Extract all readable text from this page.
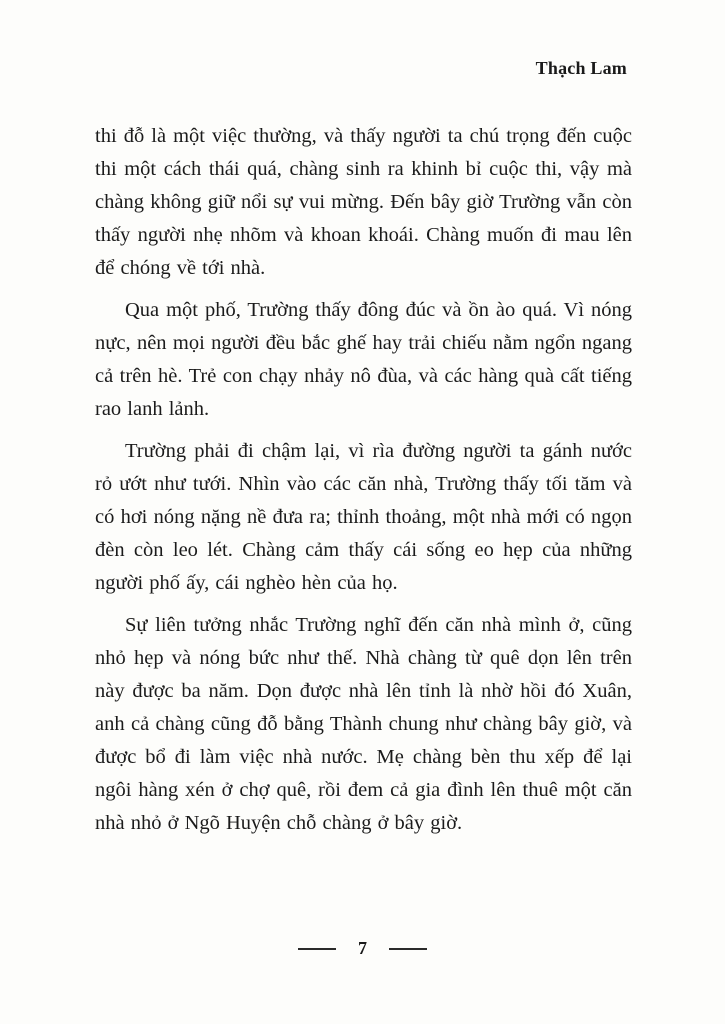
Thạch Lam

thi đỗ là một việc thường, và thấy người ta chú trọng đến cuộc thi một cách thái quá, chàng sinh ra khinh bỉ cuộc thi, vậy mà chàng không giữ nổi sự vui mừng. Đến bây giờ Trường vẫn còn thấy người nhẹ nhõm và khoan khoái. Chàng muốn đi mau lên để chóng về tới nhà.

Qua một phố, Trường thấy đông đúc và ồn ào quá. Vì nóng nực, nên mọi người đều bắc ghế hay trải chiếu nằm ngổn ngang cả trên hè. Trẻ con chạy nhảy nô đùa, và các hàng quà cất tiếng rao lanh lảnh.

Trường phải đi chậm lại, vì rìa đường người ta gánh nước rỏ ướt như tưới. Nhìn vào các căn nhà, Trường thấy tối tăm và có hơi nóng nặng nề đưa ra; thỉnh thoảng, một nhà mới có ngọn đèn còn leo lét. Chàng cảm thấy cái sống eo hẹp của những người phố ấy, cái nghèo hèn của họ.

Sự liên tưởng nhắc Trường nghĩ đến căn nhà mình ở, cũng nhỏ hẹp và nóng bức như thế. Nhà chàng từ quê dọn lên trên này được ba năm. Dọn được nhà lên tỉnh là nhờ hồi đó Xuân, anh cả chàng cũng đỗ bằng Thành chung như chàng bây giờ, và được bổ đi làm việc nhà nước. Mẹ chàng bèn thu xếp để lại ngôi hàng xén ở chợ quê, rồi đem cả gia đình lên thuê một căn nhà nhỏ ở Ngõ Huyện chỗ chàng ở bây giờ.

7
